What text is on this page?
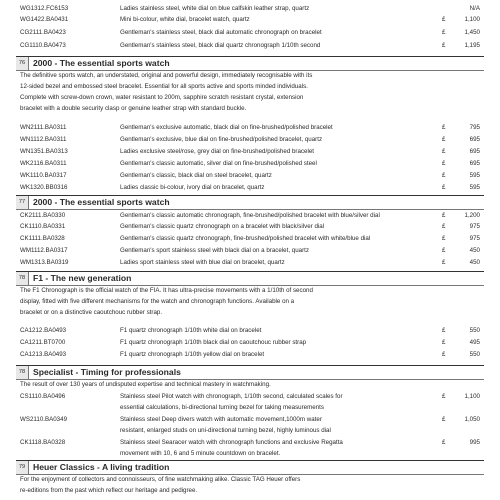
WG1312.FC6153	Ladies stainless steel, white dial on blue calfskin leather strap, quartz	N/A
WG1422.BA0431	Mini bi-colour, white dial, bracelet watch, quartz	£	1,100
CG2111.BA0423	Gentleman's stainless steel, black dial automatic chronograph on bracelet	£	1,450
CG1110.BA0473	Gentleman's stainless steel, black dial quartz chronograph 1/10th second	£	1,195
76 2000 - The essential sports watch
The definitive sports watch, an understated, original and powerful design, immediately recognisable with its
12-sided bezel and embossed steel bracelet. Essential for all sports active and sports minded individuals.
Complete with screw-down crown, water resistant to 200m, sapphire scratch resistant crystal, extension
bracelet with a double security clasp or genuine leather strap with standard buckle.
WN2111.BA0311	Gentleman's exclusive automatic, black dial on fine-brushed/polished bracelet	£	795
WN1112.BA0311	Gentleman's exclusive, blue dial on fine-brushed/polished bracelet, quartz	£	695
WN1351.BA0313	Ladies exclusive steel/rose, grey dial on fine-brushed/polished bracelet	£	695
WK2116.BA0311	Gentleman's classic automatic, silver dial on fine-brushed/polished steel	£	695
WK1110.BA0317	Gentleman's classic, black dial on steel bracelet, quartz	£	595
WK1320.BB0316	Ladies classic bi-colour, ivory dial on bracelet, quartz	£	595
77 2000 - The essential sports watch
CK2111.BA0330	Gentleman's classic automatic chronograph, fine-brushed/polished bracelet with blue/silver dial	£	1,200
CK1110.BA0331	Gentleman's classic quartz chronograph on a bracelet with black/silver dial	£	975
CK1111.BA0328	Gentleman's classic quartz chronograph, fine-brushed/polished bracelet with white/blue dial	£	975
WM1112.BA0317	Gentleman's sport stainless steel with black dial on a bracelet, quartz	£	450
WM1313.BA0319	Ladies sport stainless steel with blue dial on bracelet, quartz	£	450
78 F1 - The new generation
The F1 Chronograph is the official watch of the FIA. It has ultra-precise movements with a 1/10th of second
display, fitted with five different mechanisms for the watch and chronograph functions. Available on a
bracelet or on a distinctive caoutchouc rubber strap.
CA1212.BA0493	F1 quartz chronograph 1/10th white dial on bracelet	£	550
CA1211.BT0700	F1 quartz chronograph 1/10th black dial on caoutchouc rubber strap	£	495
CA1213.BA0493	F1 quartz chronograph 1/10th yellow dial on bracelet	£	550
78 Specialist - Timing for professionals
The result of over 130 years of undisputed expertise and technical mastery in watchmaking.
CS1110.BA0496	Stainless steel Pilot watch with chronograph, 1/10th second, calculated scales for	£	1,100
essential calculations, bi-directional turning bezel for taking measurements
WS2110.BA0349	Stainless steel Deep divers watch with automatic movement,1000m water	£	1,050
resistant, enlarged studs on uni-directional turning bezel, highly luminous dial
CK1118.BA0328	Stainless steel Searacer watch with chronograph functions and exclusive Regatta	£	995
movement with 10, 6 and 5 minute countdown on bracelet.
79 Heuer Classics - A living tradition
For the enjoyment of collectors and connoisseurs, of fine watchmaking alike. Classic TAG Heuer offers
re-editions from the past which reflect our heritage and pedigree.
